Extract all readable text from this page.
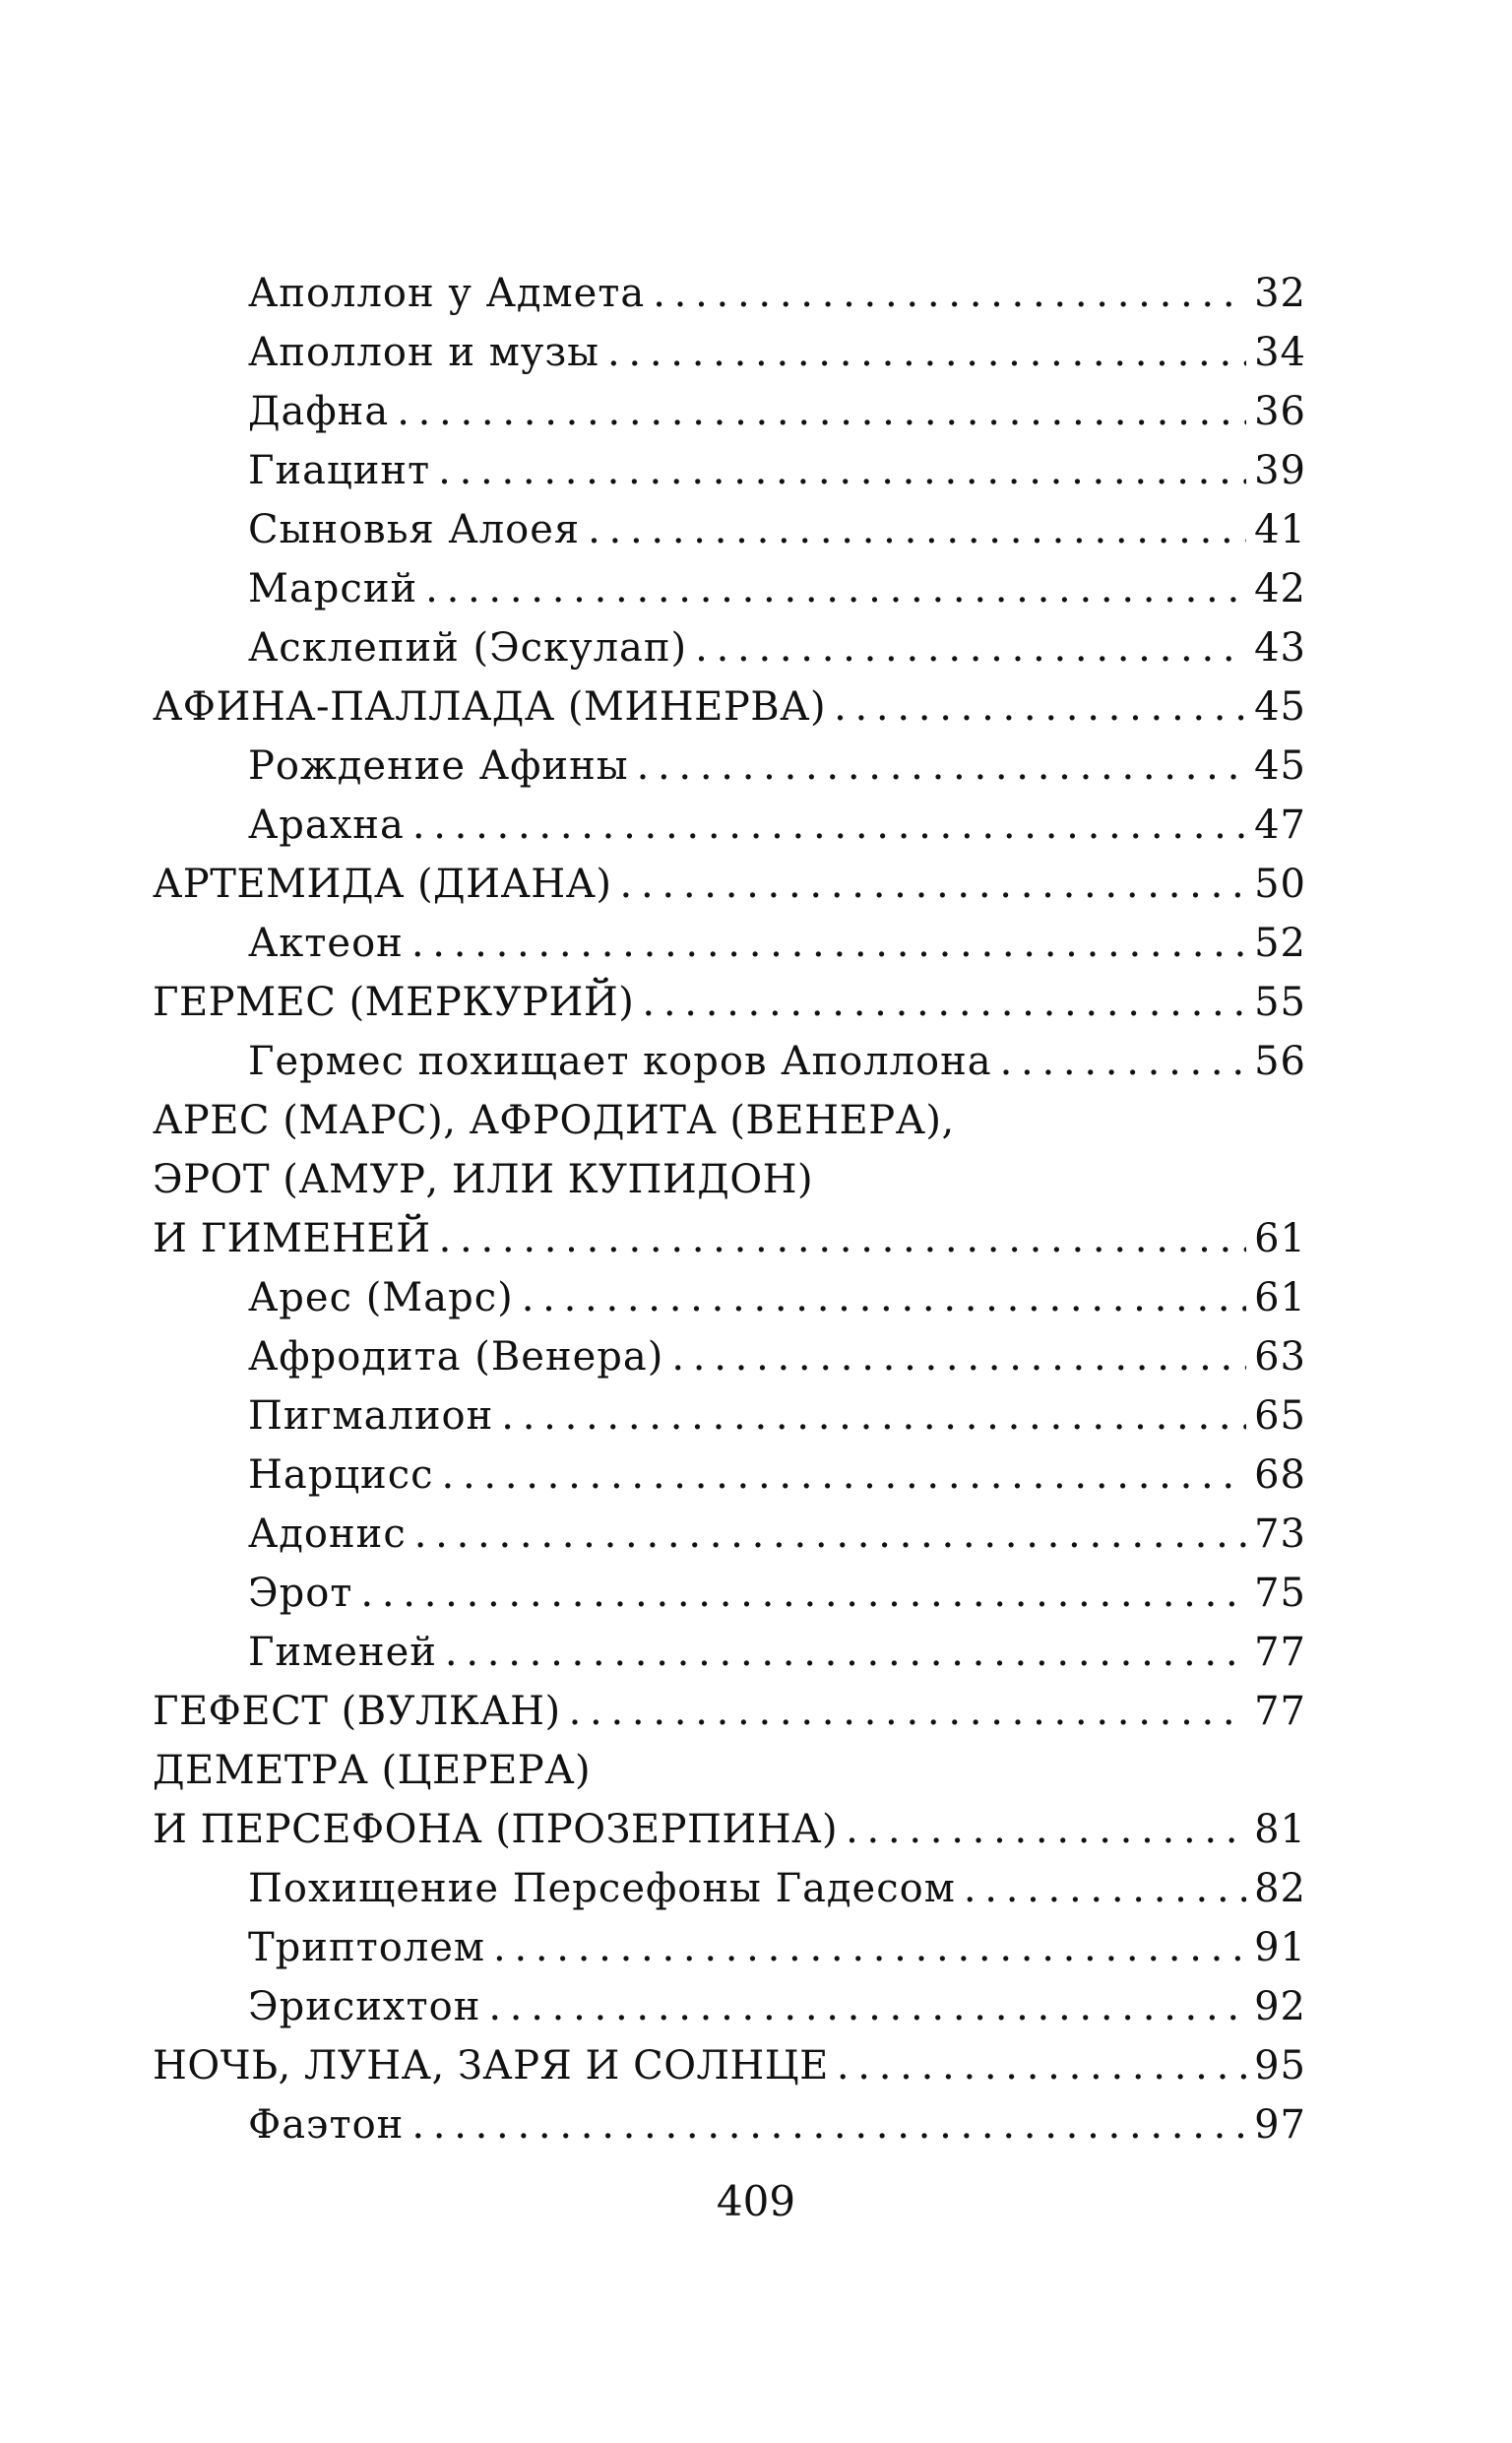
Аполлон у Адмета . . .	32
Аполлон и музы . . .	34
Дафна . . .	36
Гиацинт . . .	39
Сыновья Алоея . . .	41
Марсий . . .	42
Асклепий (Эскулап) . . .	43
АФИНА-ПАЛЛАДА (МИНЕРВА) . . .	45
Рождение Афины . . .	45
Арахна . . .	47
АРТЕМИДА (ДИАНА) . . .	50
Актеон . . .	52
ГЕРМЕС (МЕРКУРИЙ) . . .	55
Гермес похищает коров Аполлона . . .	56
АРЕС (МАРС), АФРОДИТА (ВЕНЕРА),
ЭРОТ (АМУР, ИЛИ КУПИДОН)
И ГИМЕНЕЙ . . .	61
Арес (Марс) . . .	61
Афродита (Венера) . . .	63
Пигмалион . . .	65
Нарцисс . . .	68
Адонис . . .	73
Эрот . . .	75
Гименей . . .	77
ГЕФЕСТ (ВУЛКАН) . . .	77
ДЕМЕТРА (ЦЕРЕРА)
И ПЕРСЕФОНА (ПРОЗЕРПИНА) . . .	81
Похищение Персефоны Гадесом . . .	82
Триптолем . . .	91
Эрисихтон . . .	92
НОЧЬ, ЛУНА, ЗАРЯ И СОЛНЦЕ . . .	95
Фаэтон . . .	97
409
